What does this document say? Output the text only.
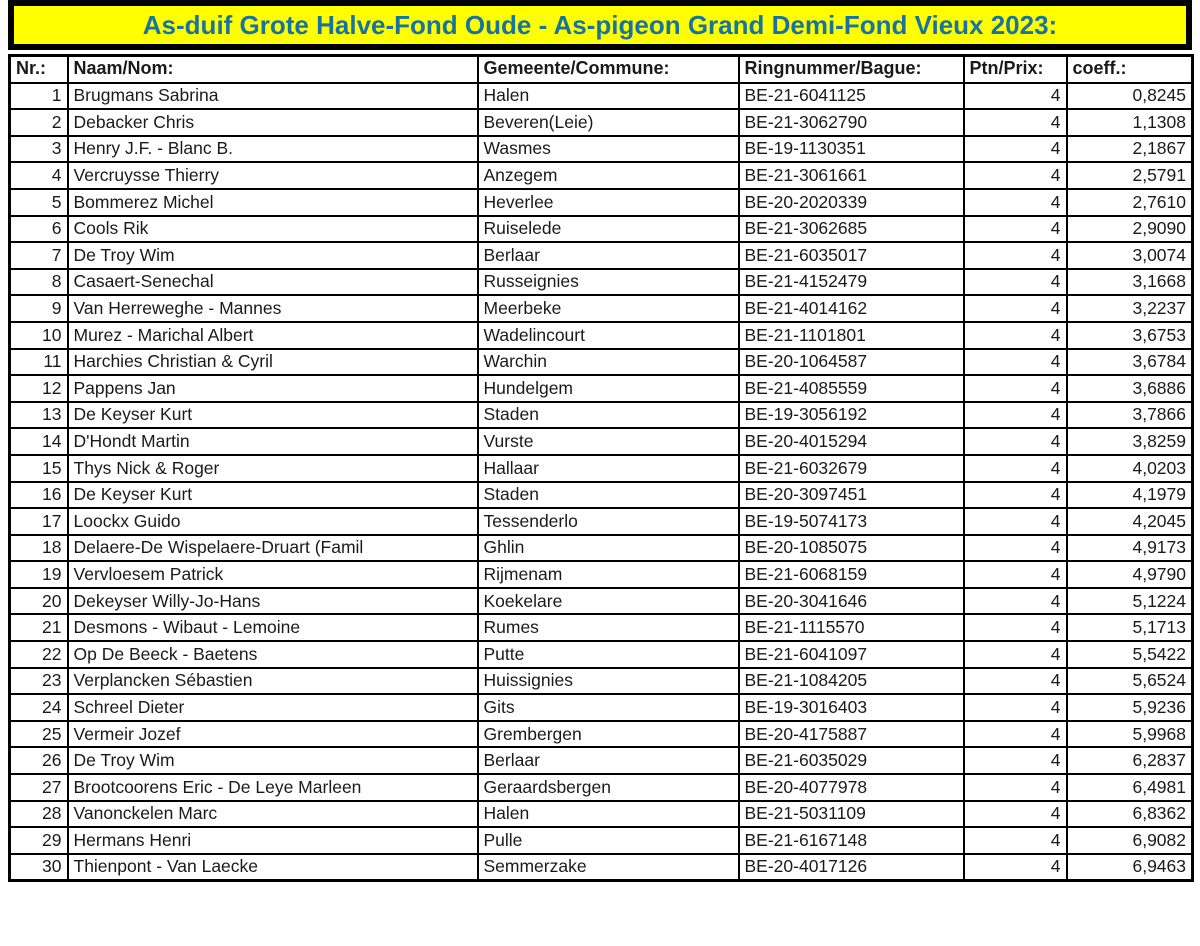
As-duif Grote Halve-Fond Oude - As-pigeon Grand Demi-Fond Vieux 2023:
Nr.:	Naam/Nom:	Gemeente/Commune:	Ringnummer/Bague:	Ptn/Prix:	coeff.:
1	Brugmans Sabrina	Halen	BE-21-6041125	4	0,8245
2	Debacker Chris	Beveren(Leie)	BE-21-3062790	4	1,1308
3	Henry J.F. - Blanc B.	Wasmes	BE-19-1130351	4	2,1867
4	Vercruysse Thierry	Anzegem	BE-21-3061661	4	2,5791
5	Bommerez Michel	Heverlee	BE-20-2020339	4	2,7610
6	Cools Rik	Ruiselede	BE-21-3062685	4	2,9090
7	De Troy Wim	Berlaar	BE-21-6035017	4	3,0074
8	Casaert-Senechal	Russeignies	BE-21-4152479	4	3,1668
9	Van Herreweghe - Mannes	Meerbeke	BE-21-4014162	4	3,2237
10	Murez - Marichal Albert	Wadelincourt	BE-21-1101801	4	3,6753
11	Harchies Christian & Cyril	Warchin	BE-20-1064587	4	3,6784
12	Pappens Jan	Hundelgem	BE-21-4085559	4	3,6886
13	De Keyser Kurt	Staden	BE-19-3056192	4	3,7866
14	D'Hondt Martin	Vurste	BE-20-4015294	4	3,8259
15	Thys Nick & Roger	Hallaar	BE-21-6032679	4	4,0203
16	De Keyser Kurt	Staden	BE-20-3097451	4	4,1979
17	Loockx Guido	Tessenderlo	BE-19-5074173	4	4,2045
18	Delaere-De Wispelaere-Druart (Famil	Ghlin	BE-20-1085075	4	4,9173
19	Vervloesem Patrick	Rijmenam	BE-21-6068159	4	4,9790
20	Dekeyser Willy-Jo-Hans	Koekelare	BE-20-3041646	4	5,1224
21	Desmons - Wibaut - Lemoine	Rumes	BE-21-1115570	4	5,1713
22	Op De Beeck - Baetens	Putte	BE-21-6041097	4	5,5422
23	Verplancken Sébastien	Huissignies	BE-21-1084205	4	5,6524
24	Schreel Dieter	Gits	BE-19-3016403	4	5,9236
25	Vermeir Jozef	Grembergen	BE-20-4175887	4	5,9968
26	De Troy Wim	Berlaar	BE-21-6035029	4	6,2837
27	Brootcoorens Eric - De Leye Marleen	Geraardsbergen	BE-20-4077978	4	6,4981
28	Vanonckelen Marc	Halen	BE-21-5031109	4	6,8362
29	Hermans Henri	Pulle	BE-21-6167148	4	6,9082
30	Thienpont - Van Laecke	Semmerzake	BE-20-4017126	4	6,9463
